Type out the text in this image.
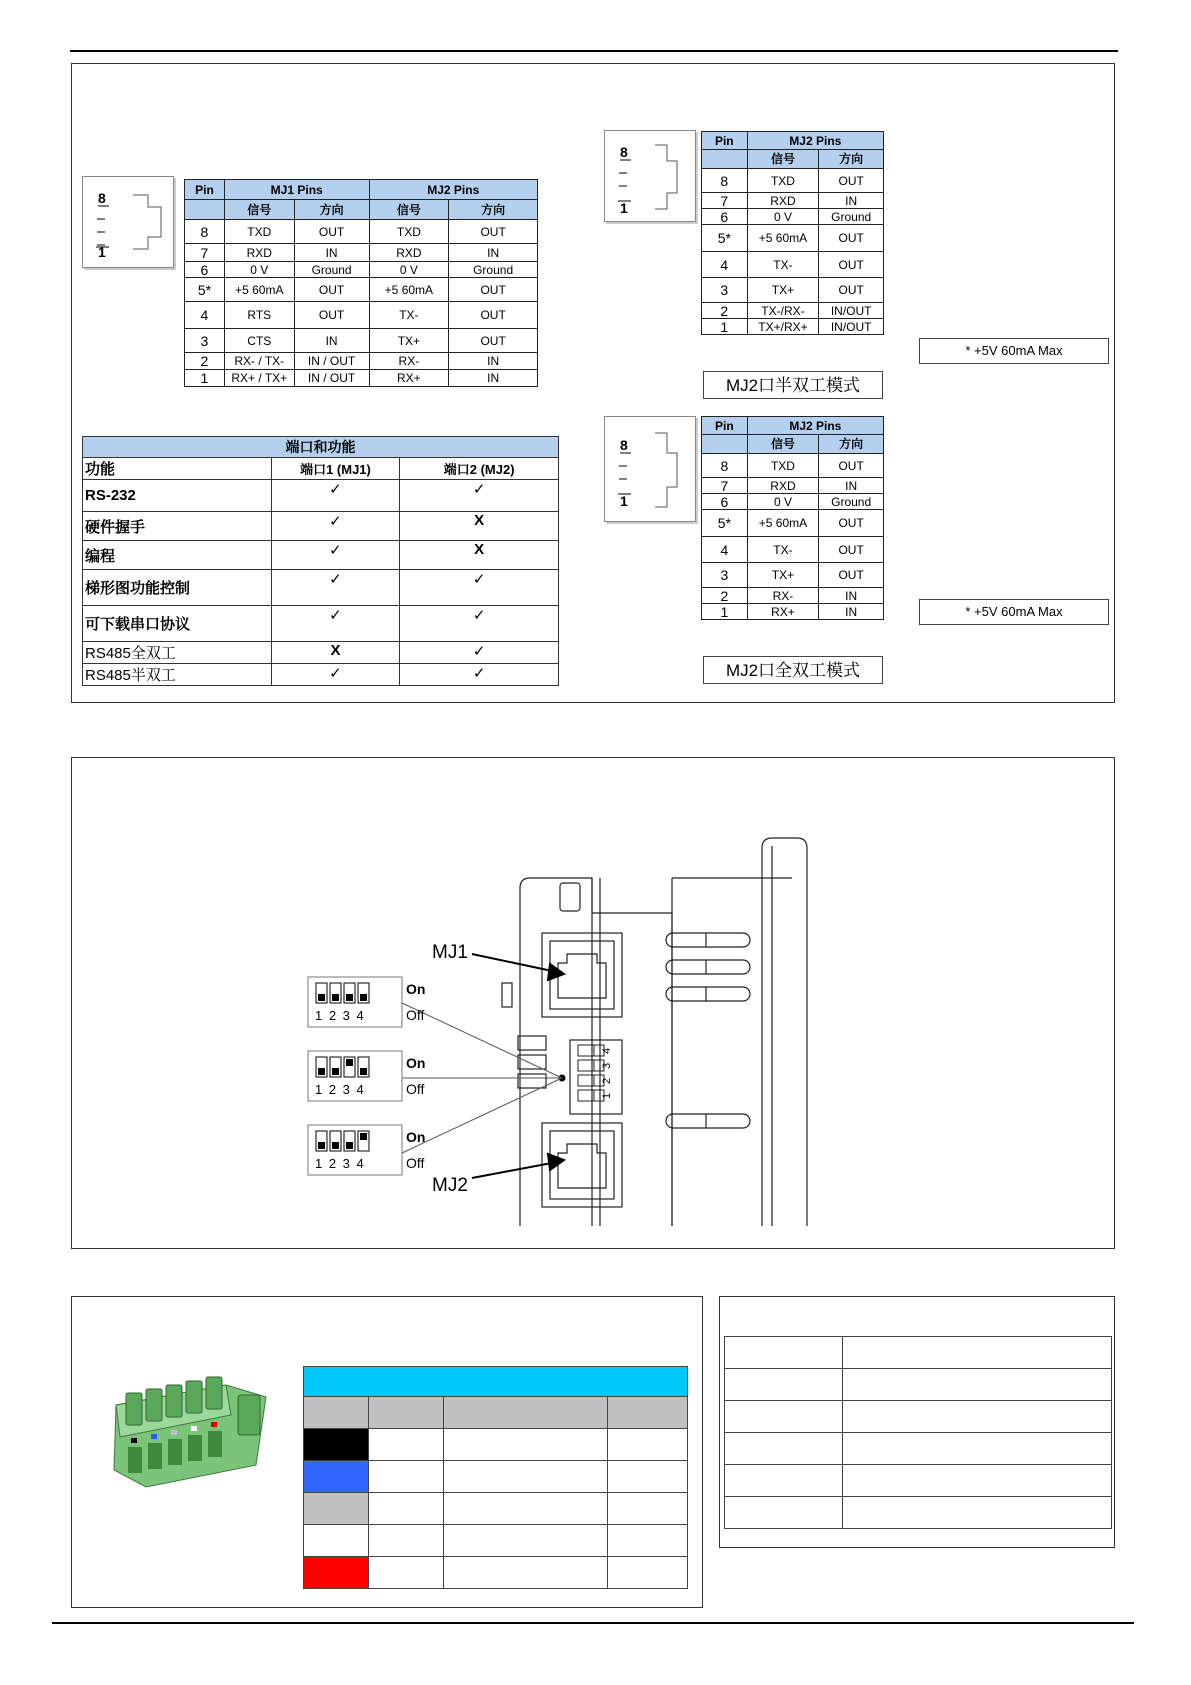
8
1
Pin	MJ1 Pins		MJ2 Pins	
	信号	方向	信号	方向
8	TXD	OUT	TXD	OUT
7	RXD	IN	RXD	IN
6	0 V	Ground	0 V	Ground
5*	+5 60mA	OUT	+5 60mA	OUT
4	RTS	OUT	TX-	OUT
3	CTS	IN	TX+	OUT
2	RX- / TX-	IN / OUT	RX-	IN
1	RX+ / TX+	IN / OUT	RX+	IN
端口和功能		
功能	端口1 (MJ1)	端口2 (MJ2)
RS-232	✓	✓
硬件握手	✓	X
编程	✓	X
梯形图功能控制	✓	✓
可下载串口协议	✓	✓
RS485全双工	X	✓
RS485半双工	✓	✓
8
1
Pin	MJ2 Pins	
	信号	方向
8	TXD	OUT
7	RXD	IN
6	0 V	Ground
5*	+5 60mA	OUT
4	TX-	OUT
3	TX+	OUT
2	TX-/RX-	IN/OUT
1	TX+/RX+	IN/OUT
MJ2口半双工模式
* +5V 60mA Max
8
1
Pin	MJ2 Pins	
	信号	方向
8	TXD	OUT
7	RXD	IN
6	0 V	Ground
5*	+5 60mA	OUT
4	TX-	OUT
3	TX+	OUT
2	RX-	IN
1	RX+	IN
MJ2口全双工模式
* +5V 60mA Max
4
3
2
1
MJ1
MJ2
1 2 3 4
On
Off
1 2 3 4
On
Off
1 2 3 4
On
Off
